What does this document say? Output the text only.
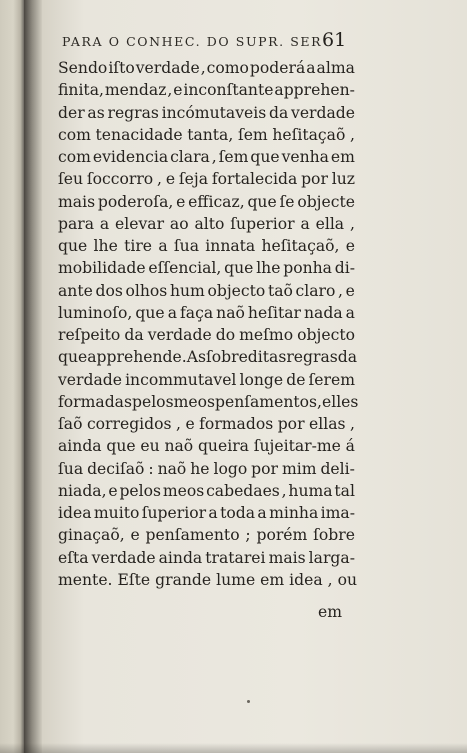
PARA O CONHEC. DO SUPR. SER 61
Sendo iſto verdade , como poderá a alma
finita, mendaz , e inconſtante apprehen-
der as regras incómutaveis da verdade
com tenacidade tanta, ſem heſitaçaõ ,
com evidencia clara , ſem que venha em
ſeu ſoccorro , e ſeja fortalecida por luz
mais poderoſa, e efficaz, que ſe objecte
para a elevar ao alto ſuperior a ella ,
que lhe tire a ſua innata heſitaçaõ, e
mobilidade eſſencial, que lhe ponha di-
ante dos olhos hum objecto taõ claro , e
luminoſo, que a faça naõ heſitar nada a
reſpeito da verdade do meſmo objecto
que apprehende. As ſobreditas regras da
verdade incommutavel longe de ſerem
formadas pelos meos penſamentos, elles
ſaõ corregidos , e formados por ellas ,
ainda que eu naõ queira ſujeitar-me á
ſua deciſaõ : naõ he logo por mim deli-
niada, e pelos meos cabedaes , huma tal
idea muito ſuperior a toda a minha ima-
ginaçaõ, e penſamento ; porém ſobre
eſta verdade ainda tratarei mais larga-
mente. Eſte grande lume em idea , ou
em
